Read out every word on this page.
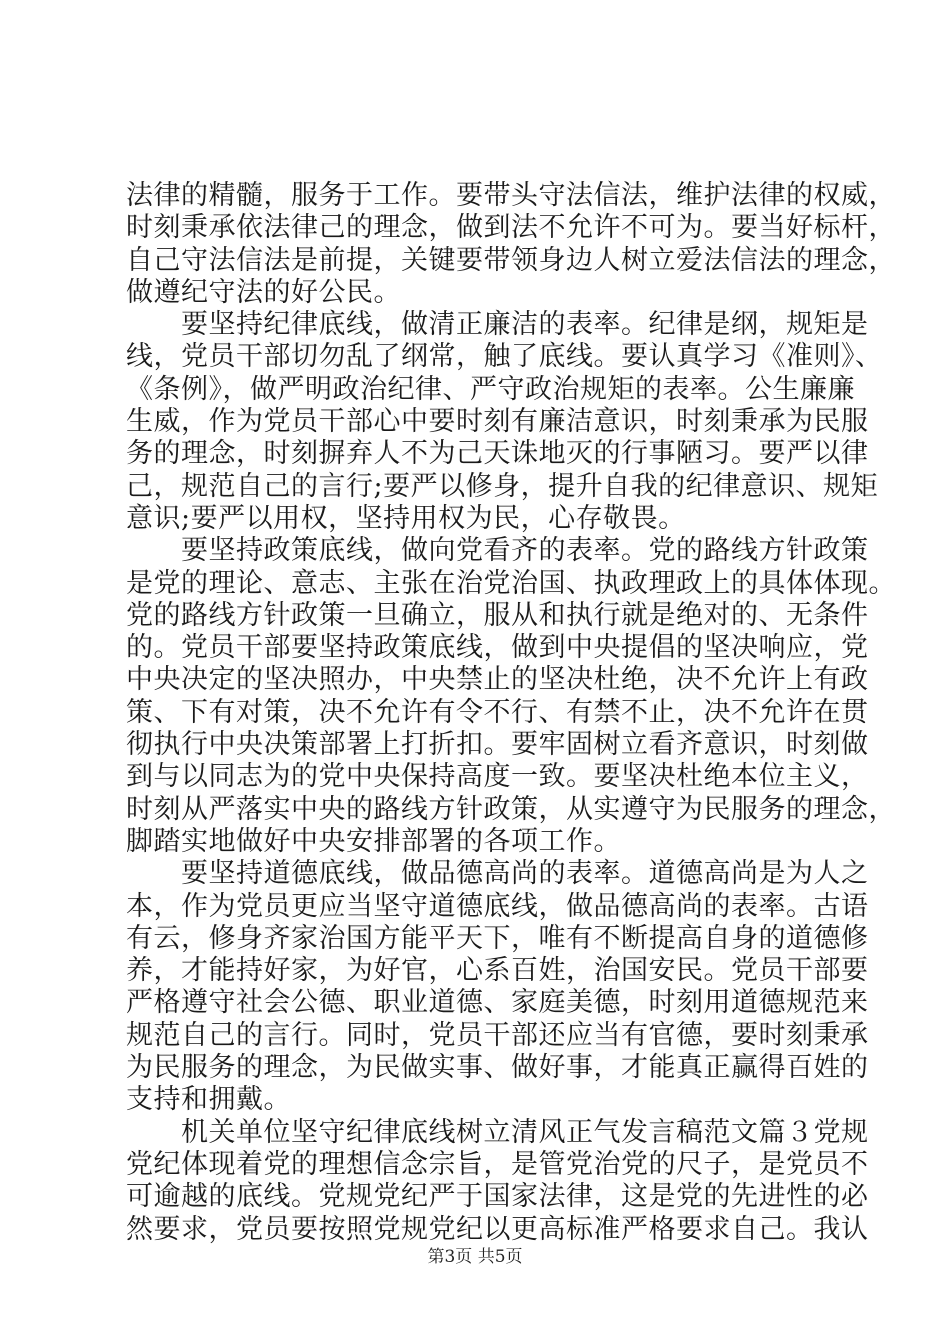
法律的精髓，服务于工作。要带头守法信法，维护法律的权威，
时刻秉承依法律己的理念，做到法不允许不可为。要当好标杆，
自己守法信法是前提，关键要带领身边人树立爱法信法的理念，
做遵纪守法的好公民。
　　要坚持纪律底线，做清正廉洁的表率。纪律是纲，规矩是
线，党员干部切勿乱了纲常，触了底线。要认真学习《准则》、
《条例》，做严明政治纪律、严守政治规矩的表率。公生廉廉
生威，作为党员干部心中要时刻有廉洁意识，时刻秉承为民服
务的理念，时刻摒弃人不为己天诛地灭的行事陋习。要严以律
己，规范自己的言行;要严以修身，提升自我的纪律意识、规矩
意识;要严以用权，坚持用权为民，心存敬畏。
　　要坚持政策底线，做向党看齐的表率。党的路线方针政策
是党的理论、意志、主张在治党治国、执政理政上的具体体现。
党的路线方针政策一旦确立，服从和执行就是绝对的、无条件
的。党员干部要坚持政策底线，做到中央提倡的坚决响应，党
中央决定的坚决照办，中央禁止的坚决杜绝，决不允许上有政
策、下有对策，决不允许有令不行、有禁不止，决不允许在贯
彻执行中央决策部署上打折扣。要牢固树立看齐意识，时刻做
到与以同志为的党中央保持高度一致。要坚决杜绝本位主义，
时刻从严落实中央的路线方针政策，从实遵守为民服务的理念，
脚踏实地做好中央安排部署的各项工作。
　　要坚持道德底线，做品德高尚的表率。道德高尚是为人之
本，作为党员更应当坚守道德底线，做品德高尚的表率。古语
有云，修身齐家治国方能平天下，唯有不断提高自身的道德修
养，才能持好家，为好官，心系百姓，治国安民。党员干部要
严格遵守社会公德、职业道德、家庭美德，时刻用道德规范来
规范自己的言行。同时，党员干部还应当有官德，要时刻秉承
为民服务的理念，为民做实事、做好事，才能真正赢得百姓的
支持和拥戴。
　　机关单位坚守纪律底线树立清风正气发言稿范文篇３党规
党纪体现着党的理想信念宗旨，是管党治党的尺子，是党员不
可逾越的底线。党规党纪严于国家法律，这是党的先进性的必
然要求，党员要按照党规党纪以更高标准严格要求自己。我认
第3页 共5页
